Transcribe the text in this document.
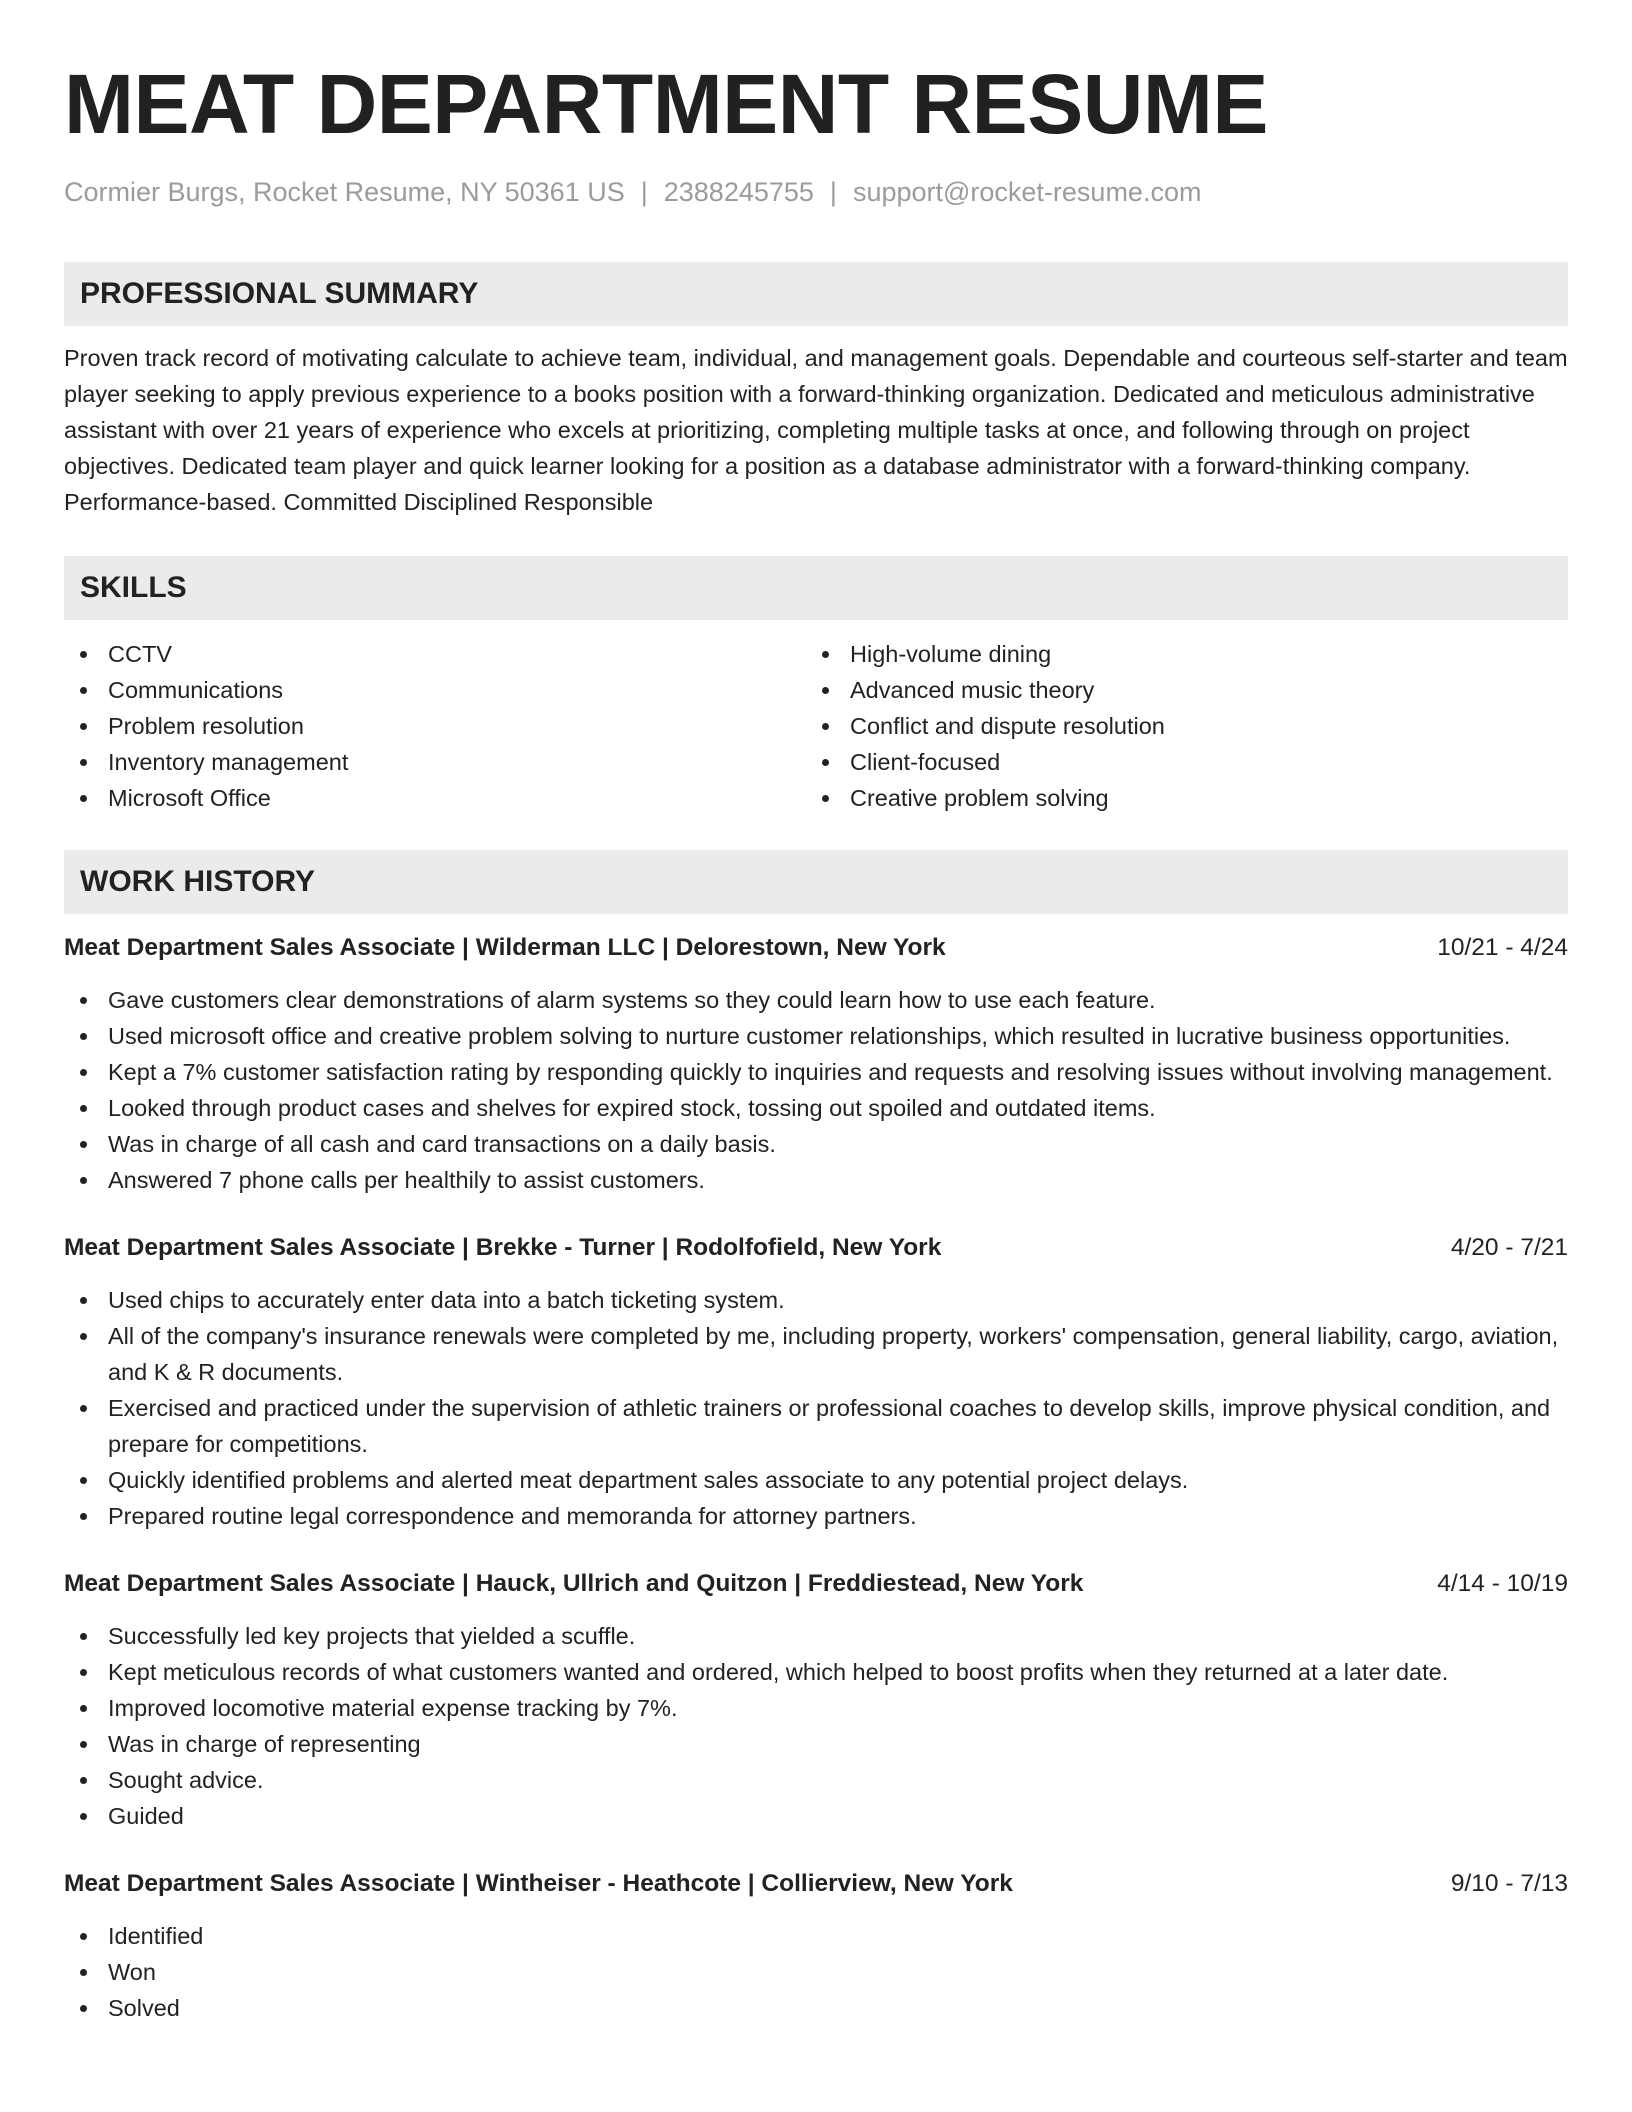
MEAT DEPARTMENT RESUME
Cormier Burgs, Rocket Resume, NY 50361 US | 2388245755 | support@rocket-resume.com
PROFESSIONAL SUMMARY
Proven track record of motivating calculate to achieve team, individual, and management goals. Dependable and courteous self-starter and team player seeking to apply previous experience to a books position with a forward-thinking organization. Dedicated and meticulous administrative assistant with over 21 years of experience who excels at prioritizing, completing multiple tasks at once, and following through on project objectives. Dedicated team player and quick learner looking for a position as a database administrator with a forward-thinking company. Performance-based. Committed Disciplined Responsible
SKILLS
CCTV
Communications
Problem resolution
Inventory management
Microsoft Office
High-volume dining
Advanced music theory
Conflict and dispute resolution
Client-focused
Creative problem solving
WORK HISTORY
Meat Department Sales Associate | Wilderman LLC | Delorestown, New York	10/21 - 4/24
Gave customers clear demonstrations of alarm systems so they could learn how to use each feature.
Used microsoft office and creative problem solving to nurture customer relationships, which resulted in lucrative business opportunities.
Kept a 7% customer satisfaction rating by responding quickly to inquiries and requests and resolving issues without involving management.
Looked through product cases and shelves for expired stock, tossing out spoiled and outdated items.
Was in charge of all cash and card transactions on a daily basis.
Answered 7 phone calls per healthily to assist customers.
Meat Department Sales Associate | Brekke - Turner | Rodolfofield, New York	4/20 - 7/21
Used chips to accurately enter data into a batch ticketing system.
All of the company's insurance renewals were completed by me, including property, workers' compensation, general liability, cargo, aviation, and K & R documents.
Exercised and practiced under the supervision of athletic trainers or professional coaches to develop skills, improve physical condition, and prepare for competitions.
Quickly identified problems and alerted meat department sales associate to any potential project delays.
Prepared routine legal correspondence and memoranda for attorney partners.
Meat Department Sales Associate | Hauck, Ullrich and Quitzon | Freddiestead, New York	4/14 - 10/19
Successfully led key projects that yielded a scuffle.
Kept meticulous records of what customers wanted and ordered, which helped to boost profits when they returned at a later date.
Improved locomotive material expense tracking by 7%.
Was in charge of representing
Sought advice.
Guided
Meat Department Sales Associate | Wintheiser - Heathcote | Collierview, New York	9/10 - 7/13
Identified
Won
Solved
